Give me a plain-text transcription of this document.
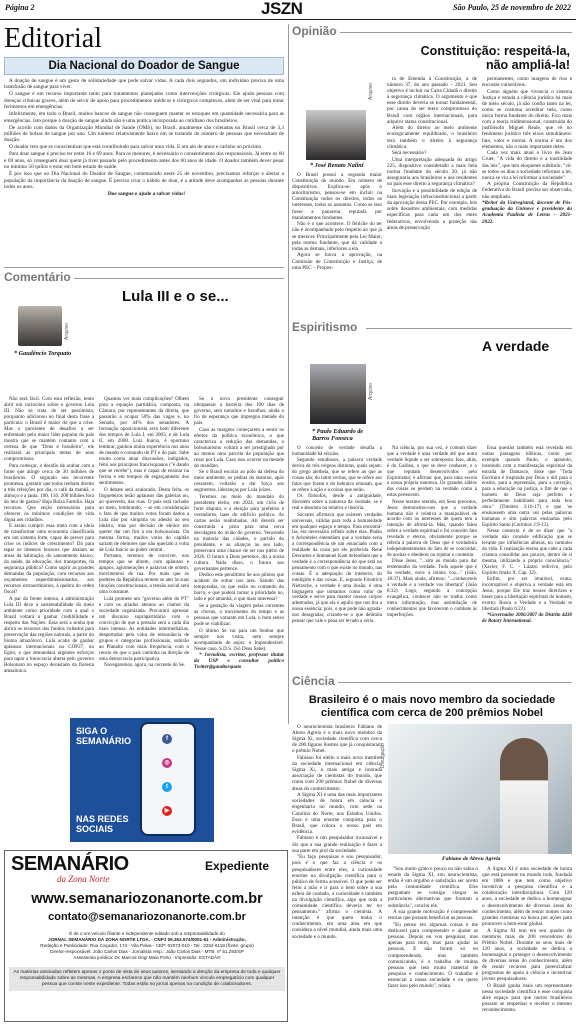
Página 2	JSZN	São Paulo, 25 de novembro de 2022
Editorial
Dia Nacional do Doador de Sangue

A doação de sangue é um gesto de solidariedade que pode salvar vidas. A cada dois segundos, um indivíduo precisa de uma transfusão de sangue para viver.

O sangue é um recurso importante tanto para tratamentos planejados como intervenções cirúrgicas. Ele ajuda pessoas com doenças crônicas graves, além de servir de apoio para procedimentos médicos e cirúrgicos complexos, além de ser vital para tratar ferimentos em emergências.

Infelizmente, em todo o Brasil, muitos bancos de sangue não conseguem manter os estoques em quantidade necessária para as emergências. Isto porque a doação de sangue ainda não é uma prática incorporada ao cotidiano dos brasileiros.

De acordo com dados da Organização Mundial de Saúde (OMS), no Brasil, atualmente são coletadas no Brasil cerca de 3,3 milhões de bolsas de sangue por ano. Um número relativamente baixo em se tratando do número de pessoas que necessitam de doação.

O doador tem que se conscientizar que está contribuindo para salvar uma vida. E um ato de amor e carinho ao próximo.

Para doar sangue é preciso ter entre 16 e 69 anos. Para os menores, é necessário o consentimento dos responsáveis. Já entre os 60 e 69 anos, só conseguem doar quem já tiver passado pelo procedimento antes dos 60 anos de idade. O doador também dever pesar no mínimo 50 quilos e estar em bom estado de saúde.

É por isso que no Dia Nacional do Doador de Sangue, comemorado neste 25 de novembro, precisamos reforçar e alertar a população da importância da doação de sangue. É preciso criar o hábito de doar, é a atitude deve acompanhar as pessoas durante todos os anos.

Doe sangue e ajude a salvar vidas!

Comentário
Lula III e o se...
Arquivo
* Gaudêncio Torquato

Não será fácil. Com esta reflexão, tento abrir um raciocínio sobre o governo Lula III. Não se trata de ser pessimista, porquanto adicionou no final desta frase a partícula: o Brasil é maior do que a crise. Mas o quociente de desafios a ser enfrentado pelo maior líder popular do país mostra que se mantém contanto com a certeza de que "Deus é brasileiro", ele realizará as principais metas de seus compromissos.

Para começar, o desafio de acabar com a fome que atinge cerca de 30 milhões de brasileiros. O segundo seu recorrente promessa, garantir que todos tenham direito a três refeições por dia, o café da manhã, o almoço e a janta. 100, 150, 200 bilhões fora do teto de gastos? Haja Bolsa Família. Haja recursos. Que seção necessários para oferecer os mínimos condições de vida digna aos cidadãos.

E assim cumprir essa meta com a ideia de transformar uma economia classificada em um sistema forte, capaz de prever para crise os índices de crescimento? Dá para tapar os imensos buracos que abalam as áreas da habitação, do saneamento básico, da saúde, da educação, dos transportes, da segurança pública? Como suprir as grandes demandas da população, com recursos aos orçamentos superdimensionados, aos recursos extraordinários, à quebra do orden fiscal?

A par da frente interna, a administração Lula III deve a sustentabilidade do meio ambiente como prioridade com a qual o Brasil voltará a ganhar credibilidade e respeito das Nações. Essa será a senha que abrirá os recursos dos fundos voltados para preservação das regiões naturais, a partir do bioma amazônico. Lula acaba de ganhar aplausos internacionais na COP27, no Egito, o que demandará urgentes esforços para tapar a burocracia aberta pelo governo Bolsonaro no espaço devastado da floresta amazônica.

Quantos ver mais complicações? Olhem para a equação partidária, composta, na Câmara, por representantes da direita, que passarão a ocupar 50% das vagas e, no Senado, por 44% dos senadores. A formação oposicionista será bem diferente dos tempos de Lula I, em 2003, e de Lula II, em 2008. Luiz Inácio, é oportuno lembrar, ganhou muita experiência nos anos de mando e comando do PT e do país. Sabe muito como atuar discussões, indigados, feito aos princípios francisquanos ("é dando que se recebe"), mas é capaz de ensinar na forma e em tempos de esgarçamento dos sentimentos.

O debate será acalorado. Desta feita, os fisgueteiros terão aplausos das galerias ou, ao quererem, das ruas. O país está rachado ao meio, lembrando, – se em consideração o fato de que muitos votos foram dados a Lula não por simpatia ou adesão ao seu ideário, mas por decisão de eleitor em querer dar um fim à era bolsonarista. Da mesma forma, muitos votos do capitão saíram de eleitores que não queriam a volta de Luiz Inácio ao poder central.

Portanto, teremos de conviver, nos tempos que se abrem, com aplausos e apupos, aglomerações e palavras de ordem, movimentos de rua. Por mais que os poderes da República tentem se ater às suas funções constitucionais, a tensão social será uma constante.

Lula promete um "governo além do PT" e com os aliados atentos ao clamor da sociedade organizada. Procurará apressar um discurso suprapartidário com o convicção de que a pressão será a cada dia mais intensa. As entidades intermediárias, despertadas pela volta de ressonância de grupos e categorias profissionais, subirão ao Planalto com mais frequência, com o receio de que o país caminha na direção de uma democracia participativa.

Navegaremos, agora, na corrente do Se.

Se o novo presidente conseguir ultrapassar a barreira dos 100 dias de governo, sem tumultos e barulhos, ainda o fio de esperança que impregna metade do país.

Caso as margens começarem a sentir os efeitos da política econômica, o que caracteriza a redução das demandas, o bolsonarismo voltará a ser prestigiado por ao menos uma parcela da população que rezar por Lula. Caso isso ocorrer na metade do mandato.

Se o Brasil escolar ao pólo da defesa do meio ambiente, os pedras do dominó, após cessarem, voltarão a dar força aos segmentos, lideranças por Lula juízes.

Teremos no meio do mandato do presidente eleito, em 2024, um ciclo de forte disputa, e a eleição para prefeitos e vereadores, base do edifício político. As cartas serão realinhadas. Ali deverá ser construída a pista para uma nova decolagem do avião do governo. Vencendo na maioria das cidades, o partido do presidente, e as alianças ao seu lado, preservará uma chance de ser nos pleito de 2026. O futuro a Deus pertence, diz a nossa cultura. Nada disso, o futuro aos governantes pertence.

Dedico este penúltimo Se aos pilotos que acabam de soltar nos ares. Saindo das temporadas, os que estão no comando do barco, e que poderá tomar a prioridade no, lado e por amanhã, o que mais interessa?

Se a gestação da viagem pelas correntes as chuvas, o movimento do tempo e as pessoas que votaram em Lula, o bom senso pode se viabilizar.

O último Se vai para um Senhor que sempre nos visita, nem sempre acompanhado de anjos: o Imponderável. Nesse caso, S.D.S. (Só Deus Sabe).

* Jornalista, escritor, professor titular da USP e consultor político Twitter@gaudtorquato

Opinião
Constituição: respeitá-la, não ampliá-la!
Arquivo
* José Renato Nalini

O Brasil possui a segunda maior Constituição do mundo. Em número de dispositivos. Explica-se: após o autoritarismo, pensou-se em incluir na Constituição todos os direitos, todos os interesses, todos os assuntos. Como se isso fosse a panaceia reputada por mandamentos fundantes.

Não é o que acontece. O feitiche do ter não é acompanhado pelo respeito ao que já se merecer. Principalmente pela Lei Maior, pela norma fundante, que dá validade a todas as demais, inferiores a ela.

Agora se louva a aprovação, na Comissão de Constituição e Justiça, de uma PEC – Propos-

ta de Emenda à Constituição, a de número 37, do ano passado – 2021. Seu objetivo é incluir na Carta Cidadã o direito à segurança climática. O argumento é que esse direito deveria se tornar fundamental, por causa do ser mero compromisso do Brasil com órgãos internacionais, para adquirir status constitucional.

Além do direito ao meio ambiente ecologicamente equilibrado, o brasileiro terá também o direito à segurança climática.

Será necessário?

Uma interpretação adequada do artigo 225, dispositivo considerado a mais bela norma fundante do século 20, já não asseguraria aos brasileiros e aos residentes no país esse direito à segurança climática?

Inovação e a possibilidade de edição de mais legislação infraconstitucional a partir da aprovação dessa PEC. Por exemplo, leis sobre desastres ambientais, com medidas específicas para cada um dos entes federativos, envolvendo a proteção das áreas de preservação

permanentes, como margens de rios e encostas vulneráveis.

Como alguém que vivencia o sistema Justiça e estuda a ciência jurídica há mais de meio século, já não confio tanto na lei, como se costuma acreditar nela, como única forma fundante do direito. Fico mais com a teoria tridimensional, construída do jusfilósofo Miguel Reale, que vê no fenômeno jurídico três eixos simultâneos: fato, valor e norma. A norma é um dos elementos, não o mais importante deles.

Cada vez mais atual o livro de Jean Cruet, "A vida do direito e a inutilidade das leis", que tem eloquente subtítulo: "vê-se todos os dias a sociedade reformar a lei, nunca se viu a lei reformar a sociedade".

A própria Constituição da República Federativa do Brasil precisa ser observada, não ampliada.

*Reitor da Uniregistral, docente de Pós-graduação da Uninove e presidente da Academia Paulista de Letras – 2021-2022.

Espiritismo
A verdade
Arquivo
* Paulo Eduardo de Barros Fonseca

O conceito de verdade desafia a humanidade há séculos.

Segundo estudiosos, a palavra verdade deriva de três origens distintas, quais sejam: do grego aletheia, que se refere ao que as coisas são; do latim veritas, que se refere aos fatos que foram e do hebraico emunah, que se refere à ação e a coisas que serão.

Os filósofos, desde a antiguidade, discutem sobre a natureza da verdade, se é real e absoluta ou relativa e ilusória.

Sócrates afirmava que existem verdades universais, válidas para toda a humanidade em qualquer espaço e tempo. Para encontrá-las, era necessário refletir sobre elas. Platão e Aristóteles entendiam que a verdade seria a correspondência de um enunciado com a realidade da coisa por ele proferida. René Descartes e Immanuel Kant defendiam que a verdade é a correspondência do que está no pensamento com o que existe no mundo, nas coisas. É a adequação do intelecto, do inteligido e das coisas. E, segundo Friedrich Nietzsche, a verdade é uma ilusão, é uma linguagem que tomamos como valor de verdade e serve para manter nossos corpos adestrados, já que ela é aquilo que nos tira a nossa essência; pois, o que pode não agrada-nos desagradar, criando-se o que delimita pensar que vale e pena ser levado a sério.

Na ciência, por sua vez, é comum dizer que a verdade é uma verdade até que outra verdade liquide a ser sobreposta. Isso, aliás, é do Galileu, o que se deve conhecer, e o que reputam desenvolvidos pelo Espiritismo; é afirmar que, para uma escola a nossa própria natureza. Os grandes sábios das coisas se perdem na verdade como à estas pertencem.

Nesse mesmo sentido, em Seus preceitos, Jesus demonstrou-nos que a verdade humana não é relativa a manipulável de acordo com os interesses de quem tem a intenção de afirmá-la. Mas, quando falou sobre a verdade espiritual e foi conceito fato revelado e eterno, obviamente porque se referia à palavra de Deus que é verdadeira independentemente do fato de se concordar, de aceitar e obedecer ou rejeitar e contestar.

Disse Jesus, "...sim ao mundo para dar testemunho da verdade. Todo aquele que é da verdade, ouve a minha voz..." (João, 18:37). Mais ainda, afirmou: "...conhecereis a verdade e a verdade vos libertará" (João 8:32). Logo, segundo a concepção evangélica, conhecer não se traduz como mera informação, mas assimilação de conhecimentos que favorecem o combate às imperfeições.

Essa questão também está revelada em outras passagens bíblicas, como por exemplo quando Paulo, o apóstolo, insutindo com a manifestação espiritual da estrada de Damasco, disse que "Toda Escritura é inspirada por Deus e útil para o ensino, para a repreensão, para a correção, para a educação na justiça, a fim de que o homem de Deus seja perfeito e perfeitamente habilitado para toda boa obra." (Timóteo 3:16-17) e que 'se ensinassem uma outra vez pelas palavras humanas e sim palavras ensinadas pelo Espírito Santo (Coríntios 2:9-13).

Nesse contexto é de se dizer que "a verdade não consiste edificação que se levante por influências alheias, no caminho da vida. É realização eterna que cabe a cada criatura consolidar aos poucos, dentro de si mesma, utilizando a própria consciência." (Xavier, F. C. - Lázaro redivivo, pelo Espírito Irmão X. Cap. 32).

Enfim, por ser imutável, exata, incorruptível e objetiva a verdade está em Jesus, porque Ele traz nesses diretrizes e bases para a libertação espiritual do homem, exorto: Busca a Verdade e a Verdade te libertará (Paulo 6:22).

*Governador 2006/2007 do Distrito 4430 de Rotary International.

Ciência
Brasileiro é o mais novo membro da sociedade científica com cerca de 200 prêmios Nobel

O neurocientista brasileiro Fabiano de Abreu Agrela é o mais novo membro da Sigma Xi, sociedade científica com cerca de 200 figuras ilustres que já conquistaram o prêmio Nobel.

Fabiano foi eleito o mais novo membro da sociedade internacional em ciência, Sigma Xi, a mais antiga e honrada associação de cientistas do mundo, que conta com 200 prêmios Nobel de diversas áreas do conhecimento.

A Sigma XI é uma das mais importantes sociedades de honra em ciência e engenharia no mundo, com sede na Carolina do Norte, nos Estados Unidos. Essa é uma enorme conquista para o Brasil, que coloca o nosso país em evidência.

Fabiano é um pesquisador incansável e diz que a sua grande realização é fazer a sua parte em prol da sociedade.

"Eu faço pesquisas e sou pesquisador, pois é o que faz a ciência e os pesquisadores entre eles, a curiosidade enorme na divulgação científica para o público de forma acessível. O que pode ser feito a mão e ir para o bem sobre a sua esfera de cuidado, a curiosidade e também na divulgação científica, algo que toda a comunidade científica deveria ter no pensamento." afirma o cientista. A intenção é que quem tenha o conhecimento, em uma área em que considera a nível mundial, ainda mais uma sociedade e o mundo.

Divulgação
Fabiano de Abreu Agrela

"Sou muito grato e pouco eu não sabia o estado da Sigma XI, sou neurocientista, então é um orgulho e satisfação ser aceito pela comunidade científica. Eles perguntam se consigo chegar às particulares alternativas que formam a substância", conclui ele.

A sua grande motivação é compreender teorias que possam beneficiar as pessoas.

"Eu penso em algumas coisas e me dedicarei para compreender e ajudar as pessoas. Depois eu vou pesquisar, mas apenas para mim, mas para ajudar às pessoas. E não foram só eu compreendendo, mas também comunicando, é o trabalho de muitas pessoas que tem muito material de pesquisa e conhecimento. O trabalho é essencial a nossa sociedade e eu quero fazer isso pelo mundo", relata.

A Sigma XI é uma sociedade de honra que está presente no mundo todo, fundada em 1886 e que tem como objetivo incentivar a pesquisa científica e a colaboração interdisciplinar. Com 120 anos, a sociedade se dedica a homenagear o desenvolvimento de diversas áreas do conhecimento, além de reunir nomes como grandes cientistas na busca por ações para promover o bem-estar global.

A Sigma XI tem em seu quadro de membros mais de 200 vencedores do Prêmio Nobel. Durante os seus mais de 120 anos, a sociedade se dedica a homenagear e proteger o desenvolvimento de diversas áreas do conhecimento, além de reunir recursos para potencializar programas de apoio à ciência e incentivar jovens pesquisadores.

O Brasil ganha mais um representante nessa sociedade científica e esse conquista abre espaço para que outros brasileiros possam se empenhar e receber o mesmo reconhecimento.

SIGA O SEMANÁRIO
NAS REDES SOCIAIS
f
◎
t
▶
SEMANÁRIO
da Zona Norte
Expediente
www.semanariozonanorte.com.br
contato@semanariozonanorte.com.br
É de o um veículo filiante e independente editado sob a responsabilidade do
JORNAL SEMANÁRIO DA ZONA NORTE LTDA. - CNPJ 09.352.574/0001-61 - Administração,
Redação e Publicidade: Rua Caçador, 174 - Vila Palva - CEP: 02073-010 - Tel.: 2252-6118 (fonte: grupo)
Diretor-responsável: João Carlos Dias - Jornalista resp.: João Carlos Dias - MTB: nº 51.293/SP
Assessoria jurídica: Dr. Marcos Dogi Maia Porto - Impressão: ESTADÃO
As matérias assinadas refletem apenas o ponto de vista de seus autores, isentando a direção da empresa de toda e qualquer responsabilidade sobre as mesmas. A empresa esclarece que não mantém nenhum vínculo empregatício com qualquer pessoa que conste neste expediente. Todas estão no jornal apenas na condição de colaboradores.
